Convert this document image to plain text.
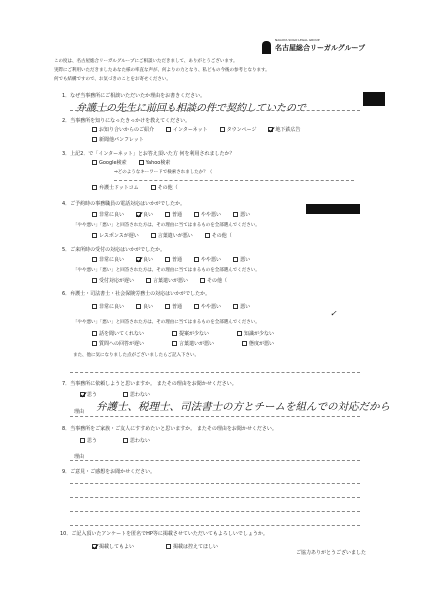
NAGOYA SOGO LEGAL GROUP
名古屋総合リーガルグループ
この度は、名古屋総合リーガルグループにご相談いただきまして、ありがとうございます。
実際にご利用いただきましたあなた様の率直な声が、何よりの力となり、私どもの今後の参考となります。
何でも結構ですので、お気づきのことをお寄せください。
1．なぜ当事務所にご相談いただいたか理由をお書きください。
弁護士の先生に前回も相談の件で契約していたので
2．当事務所を知りになったきっかけを教えてください。
お知り合いからのご紹介	インターネット	タウンページ	地下鉄広告
新聞他パンフレット
3．上記2．で「インターネット」とお答え頂いた方 何を利用されましたか？
Google検索	Yahoo検索
⇒どのようなキーワードで検索されましたか？（
弁護士ドットコム	その他（
4．ご予約時の事務職員の電話対応はいかがでしたか。
非常に良い	良い	普通	やや悪い	悪い
「やや悪い」「悪い」と回答された方は、その理由に当てはまるものを全部選んでください。
レスポンスが遅い	言葉遣いが悪い	その他（
5．ご来所時の受付の対応はいかがでしたか。
非常に良い	良い	普通	やや悪い	悪い
「やや悪い」「悪い」と回答された方は、その理由に当てはまるものを全部選んでください。
受付対応が遅い	言葉遣いが悪い	その他（
6．弁護士・司法書士・社会保険労務士の対応はいかがでしたか。
非常に良い	良い	普通	やや悪い	悪い
✓
「やや悪い」「悪い」と回答された方は、その理由に当てはまるものを全部選んでください。
話を聞いてくれない	提案が少ない	知識が少ない
質問への回答が遅い	言葉遣いが悪い	態度が悪い
また、他に気になりました点がございましたらご記入下さい。
7．当事務所に依頼しようと思いますか。 またその理由をお聞かせください。
思う	思わない
理由 弁護士、税理士、司法書士の方とチームを組んでの対応だから
8．当事務所をご家族・ご友人にすすめたいと思いますか。 またその理由をお聞かせください。
思う	思わない
理由
9．ご意見・ご感想をお聞かせください。
10．ご記入頂いたアンケートを匿名でHP等に掲載させていただいてもよろしいでしょうか。
掲載してもよい	掲載は控えてほしい
ご協力ありがとうございました
